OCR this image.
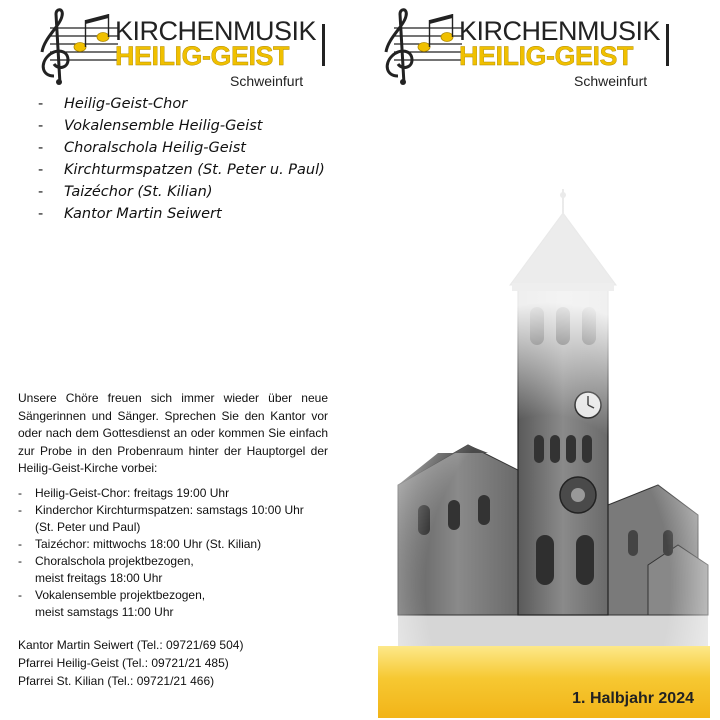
KIRCHENMUSIK
HEILIG-GEIST
Schweinfurt
- Heilig-Geist-Chor
- Vokalensemble Heilig-Geist
- Choralschola Heilig-Geist
- Kirchturmspatzen (St. Peter u. Paul)
- Taizéchor (St. Kilian)
- Kantor Martin Seiwert
Unsere Chöre freuen sich immer wieder über neue Sängerinnen und Sänger. Sprechen Sie den Kantor vor oder nach dem Gottesdienst an oder kommen Sie einfach zur Probe in den Probenraum hinter der Hauptorgel der Heilig-Geist-Kirche vorbei:
-	Heilig-Geist-Chor: freitags 19:00 Uhr
-	Kinderchor Kirchturmspatzen: samstags 10:00 Uhr
(St. Peter und Paul)
-	Taizéchor: mittwochs 18:00 Uhr (St. Kilian)
-	Choralschola projektbezogen,
meist freitags 18:00 Uhr
-	Vokalensemble projektbezogen,
meist samstags 11:00 Uhr
Kantor Martin Seiwert (Tel.: 09721/69 504)
Pfarrei Heilig-Geist (Tel.: 09721/21 485)
Pfarrei St. Kilian (Tel.: 09721/21 466)
KIRCHENMUSIK
HEILIG-GEIST
Schweinfurt
1. Halbjahr 2024
